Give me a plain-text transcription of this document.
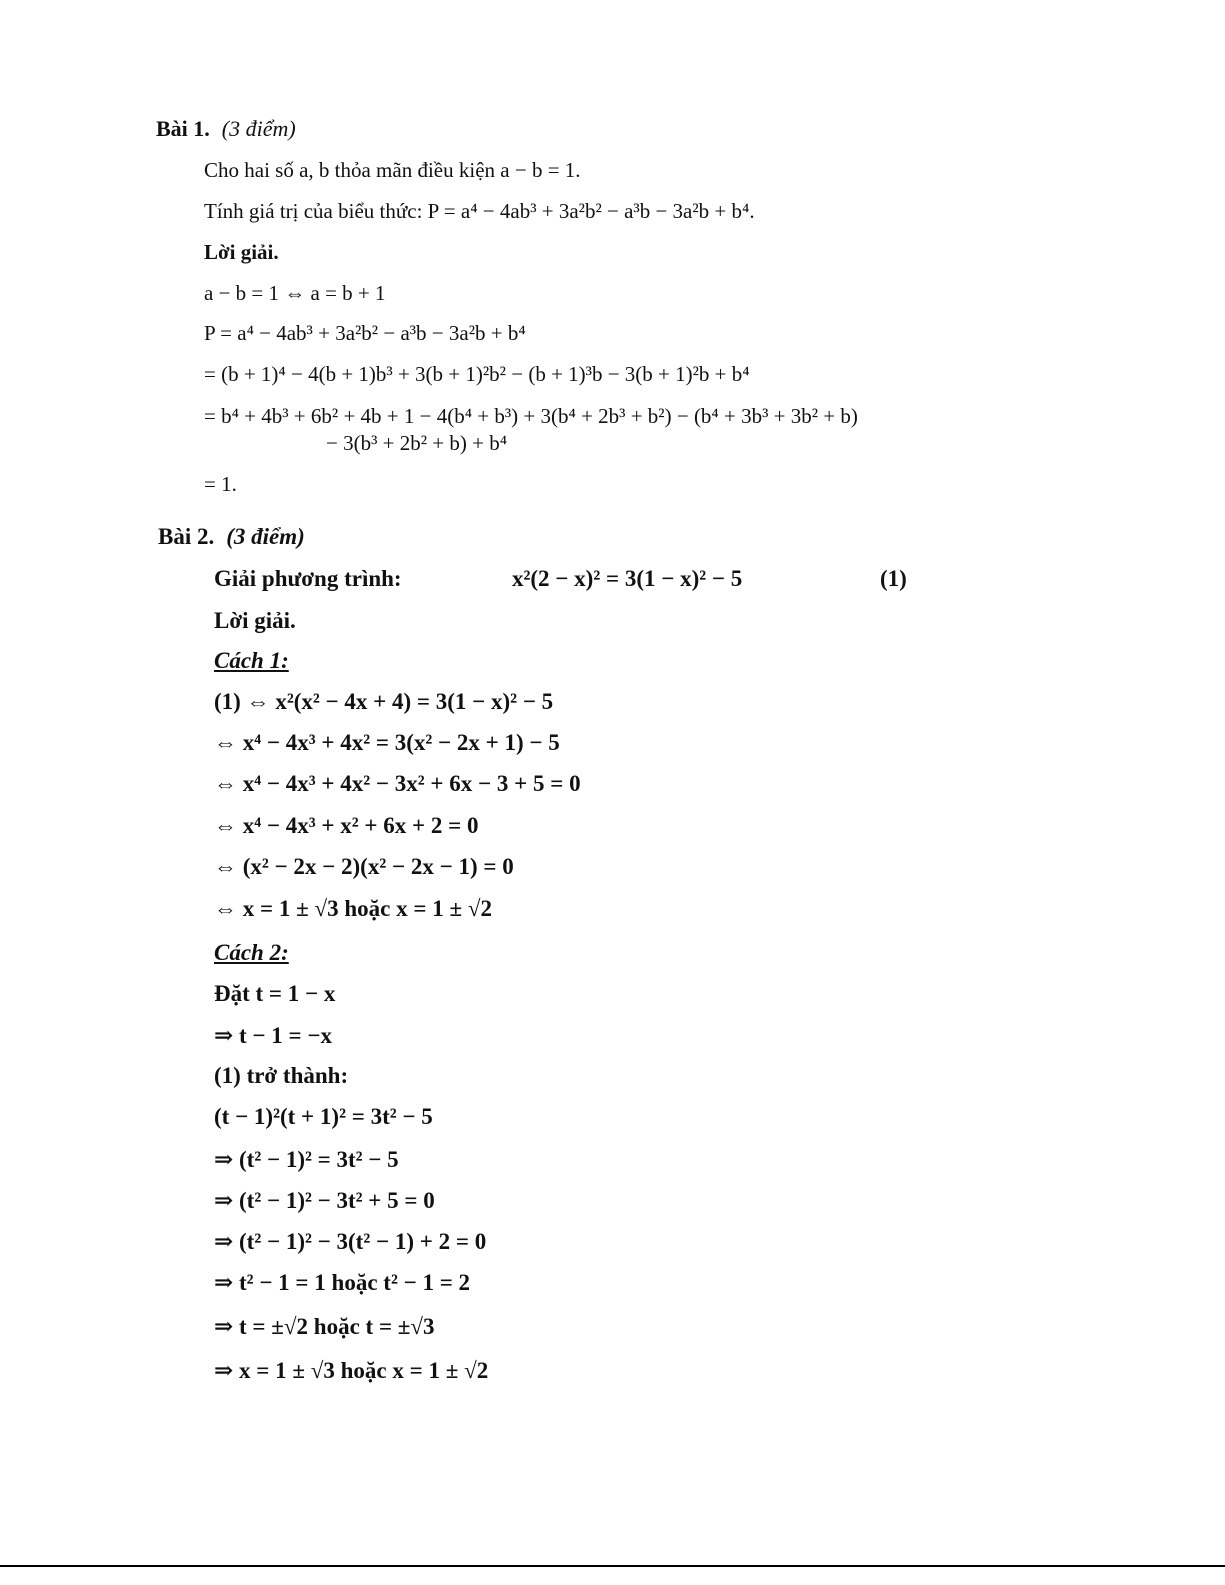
Bài 1. (3 điểm)
Cho hai số a, b thỏa mãn điều kiện a − b = 1.
Tính giá trị của biểu thức: P = a⁴ − 4ab³ + 3a²b² − a³b − 3a²b + b⁴.
Lời giải.
a − b = 1 ⇔ a = b + 1
P = a⁴ − 4ab³ + 3a²b² − a³b − 3a²b + b⁴
= (b + 1)⁴ − 4(b + 1)b³ + 3(b + 1)²b² − (b + 1)³b − 3(b + 1)²b + b⁴
= b⁴ + 4b³ + 6b² + 4b + 1 − 4(b⁴ + b³) + 3(b⁴ + 2b³ + b²) − (b⁴ + 3b³ + 3b² + b)
− 3(b³ + 2b² + b) + b⁴
= 1.
Bài 2. (3 điểm)
Giải phương trình:	x²(2 − x)² = 3(1 − x)² − 5	(1)
Lời giải.
Cách 1:
(1) ⇔ x²(x² − 4x + 4) = 3(1 − x)² − 5
⇔ x⁴ − 4x³ + 4x² = 3(x² − 2x + 1) − 5
⇔ x⁴ − 4x³ + 4x² − 3x² + 6x − 3 + 5 = 0
⇔ x⁴ − 4x³ + x² + 6x + 2 = 0
⇔ (x² − 2x − 2)(x² − 2x − 1) = 0
⇔ x = 1 ± √3 hoặc x = 1 ± √2
Cách 2:
Đặt t = 1 − x
⇒ t − 1 = −x
(1) trở thành:
(t − 1)²(t + 1)² = 3t² − 5
⇒ (t² − 1)² = 3t² − 5
⇒ (t² − 1)² − 3t² + 5 = 0
⇒ (t² − 1)² − 3(t² − 1) + 2 = 0
⇒ t² − 1 = 1 hoặc t² − 1 = 2
⇒ t = ±√2 hoặc t = ±√3
⇒ x = 1 ± √3 hoặc x = 1 ± √2
